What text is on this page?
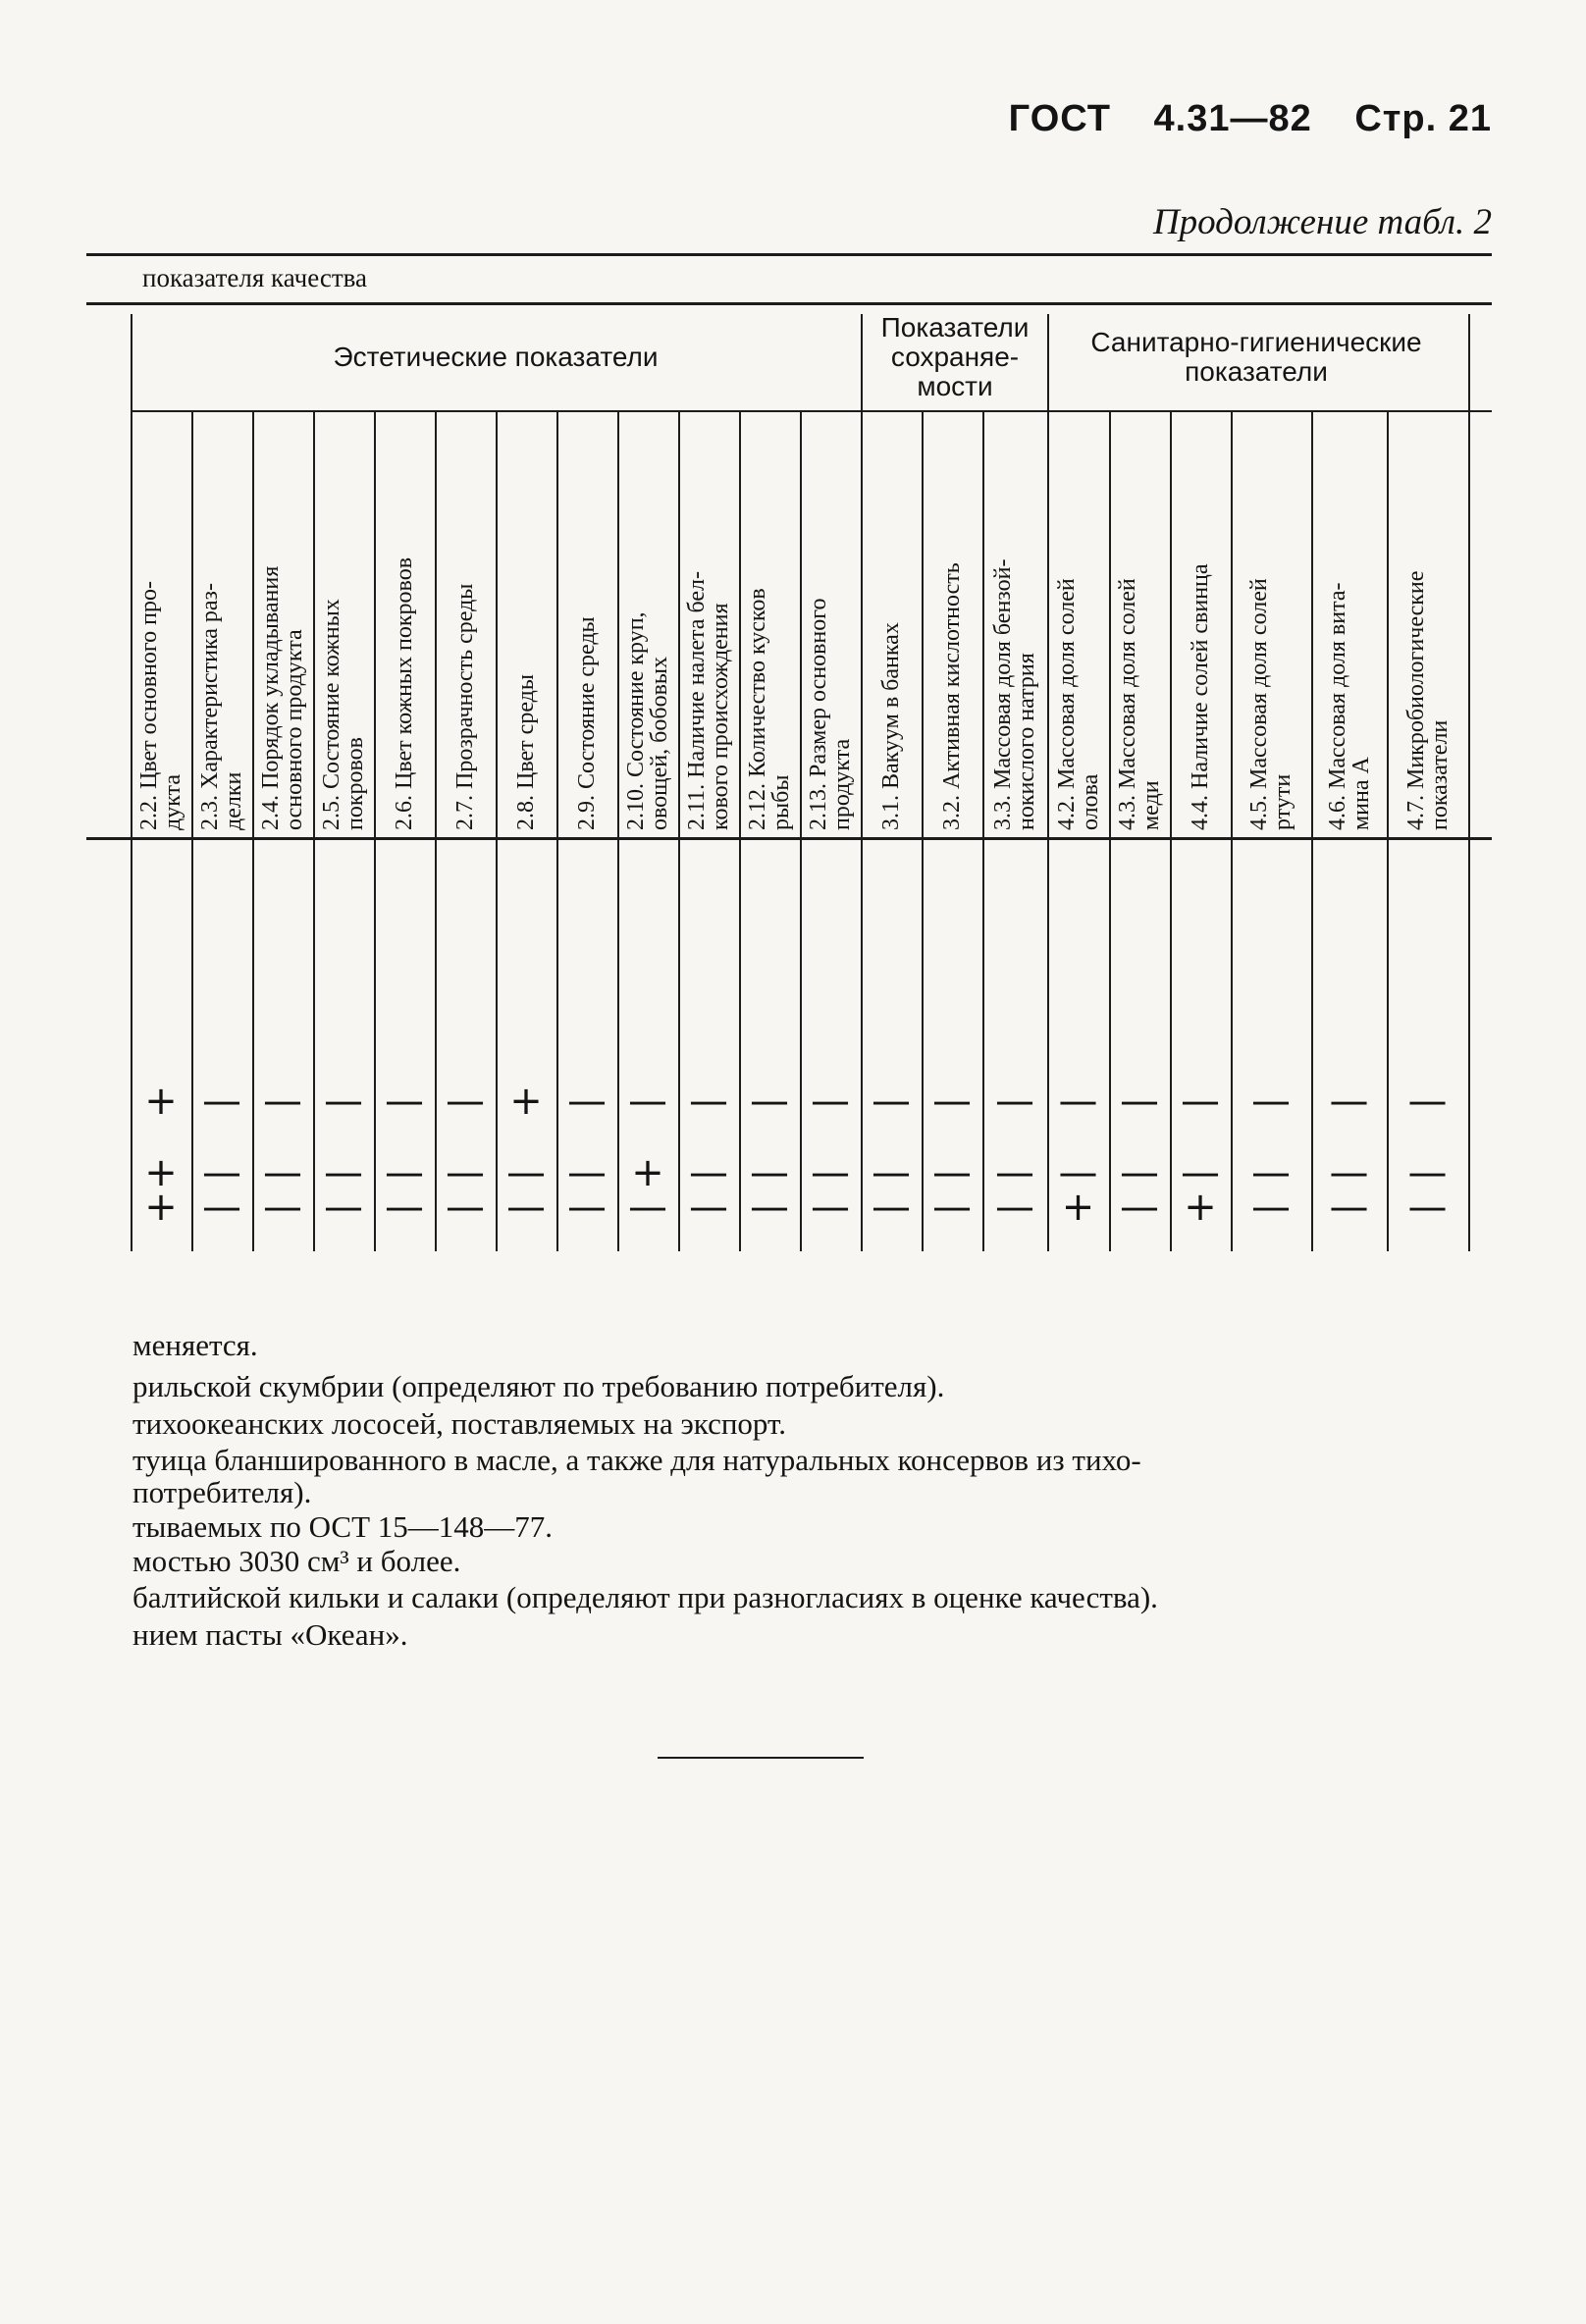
ГОСТ 4.31—82 Стр. 21
Продолжение табл. 2
показателя качества
Эстетические показатели
Показатели сохраняе- мости
Санитарно-гигиенические показатели
2.2. Цвет основного про-
дукта
+
+
+
2.3. Характеристика раз-
делки
—
—
—
2.4. Порядок укладывания
основного продукта
—
—
—
2.5. Состояние кожных
покровов
—
—
—
2.6. Цвет кожных покровов
—
—
—
2.7. Прозрачность среды
—
—
—
2.8. Цвет среды
+
—
—
2.9. Состояние среды
—
—
—
2.10. Состояние круп,
овощей, бобовых
—
+
—
2.11. Наличие налета бел-
кового происхождения
—
—
—
2.12. Количество кусков
рыбы
—
—
—
2.13. Размер основного
продукта
—
—
—
3.1. Вакуум в банках
—
—
—
3.2. Активная кислотность
—
—
—
3.3. Массовая доля бензой-
нокислого натрия
—
—
—
4.2. Массовая доля солей
олова
—
—
+
4.3. Массовая доля солей
меди
—
—
—
4.4. Наличие солей свинца
—
—
+
4.5. Массовая доля солей
ртути
—
—
—
4.6. Массовая доля вита-
мина А
—
—
—
4.7. Микробиологические
показатели
—
—
—
меняется.
рильской скумбрии (определяют по требованию потребителя).
тихоокеанских лососей, поставляемых на экспорт.
туица бланшированного в масле, а также для натуральных консервов из тихо-
потребителя).
тываемых по ОСТ 15—148—77.
мостью 3030 см³ и более.
балтийской кильки и салаки (определяют при разногласиях в оценке качества).
нием пасты «Океан».
